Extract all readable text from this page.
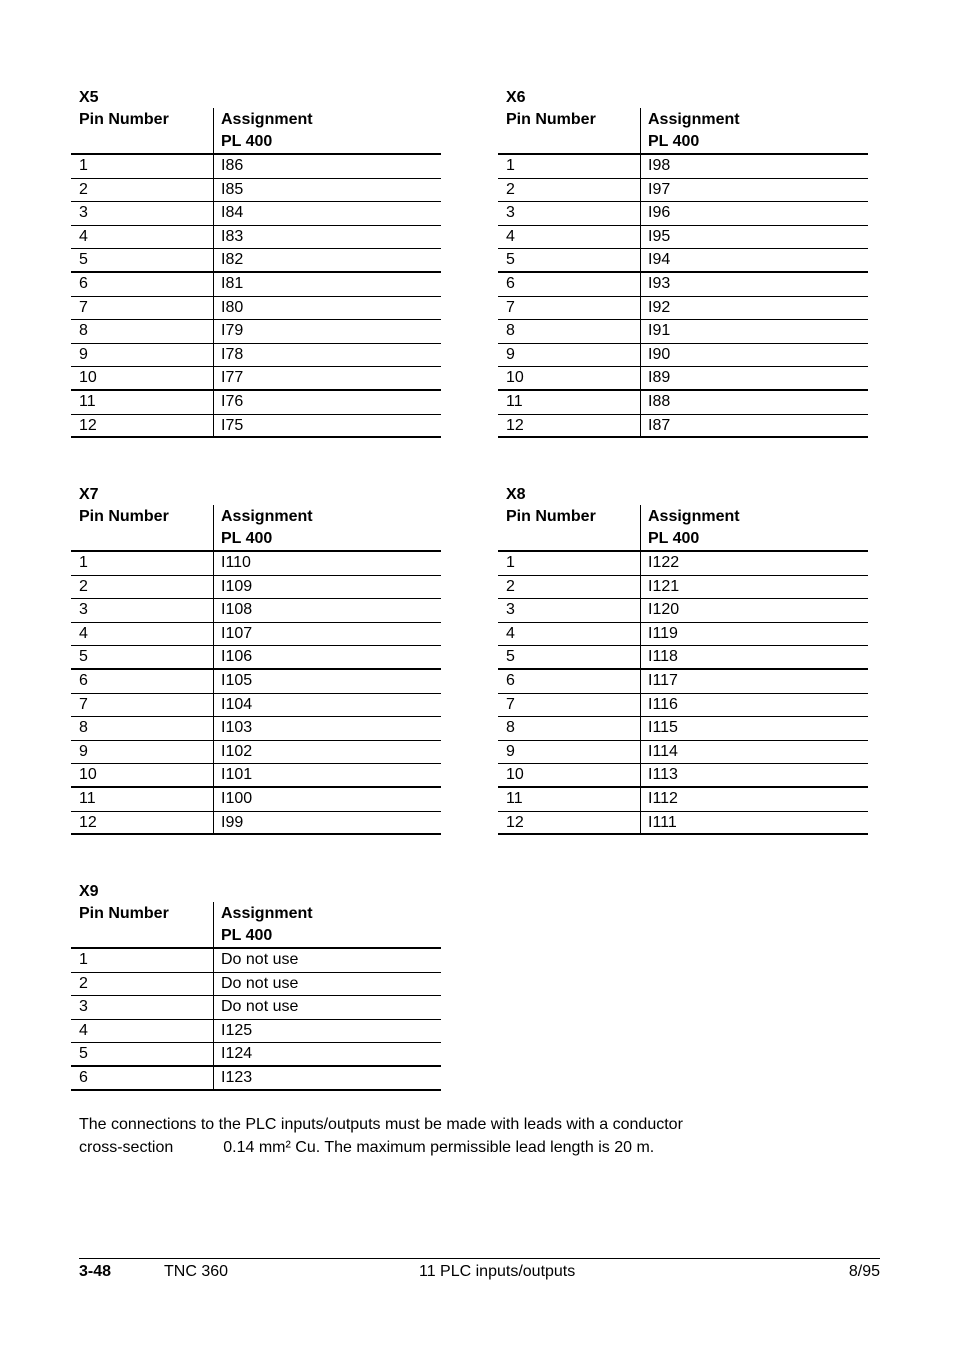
X5
Pin Number	Assignment
PL 400
1	I86
2	I85
3	I84
4	I83
5	I82
6	I81
7	I80
8	I79
9	I78
10	I77
11	I76
12	I75
X6
Pin Number	Assignment
PL 400
1	I98
2	I97
3	I96
4	I95
5	I94
6	I93
7	I92
8	I91
9	I90
10	I89
11	I88
12	I87
X7
Pin Number	Assignment
PL 400
1	I110
2	I109
3	I108
4	I107
5	I106
6	I105
7	I104
8	I103
9	I102
10	I101
11	I100
12	I99
X8
Pin Number	Assignment
PL 400
1	I122
2	I121
3	I120
4	I119
5	I118
6	I117
7	I116
8	I115
9	I114
10	I113
11	I112
12	I111
X9
Pin Number	Assignment
PL 400
1	Do not use
2	Do not use
3	Do not use
4	I125
5	I124
6	I123
The connections to the PLC inputs/outputs must be made with leads with a conductor
cross-section	0.14 mm² Cu. The maximum permissible lead length is 20 m.
3-48	TNC 360	11 PLC inputs/outputs	8/95
